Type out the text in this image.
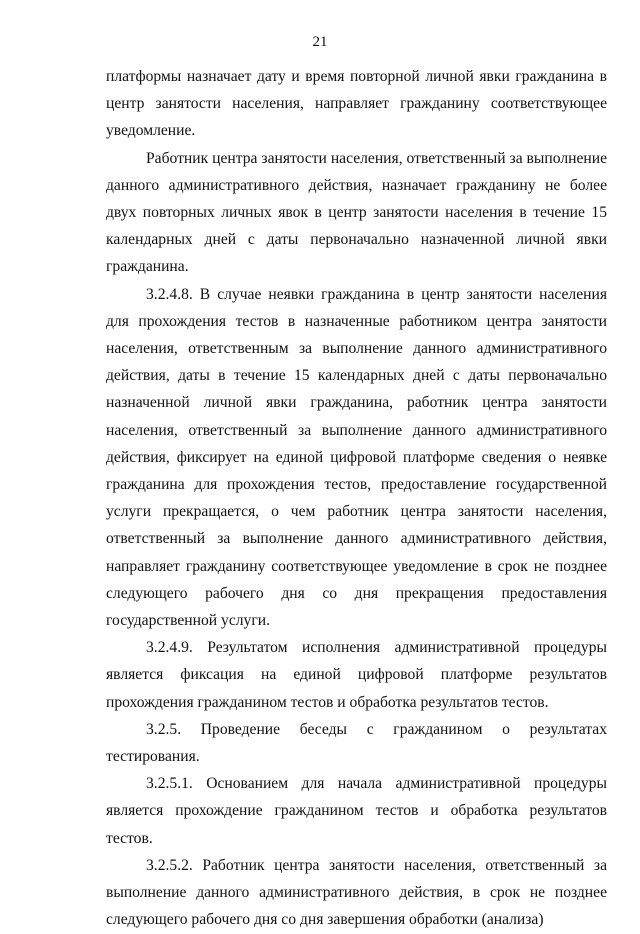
21

платформы назначает дату и время повторной личной явки гражданина в центр занятости населения, направляет гражданину соответствующее уведомление.

Работник центра занятости населения, ответственный за выполнение данного административного действия, назначает гражданину не более двух повторных личных явок в центр занятости населения в течение 15 календарных дней с даты первоначально назначенной личной явки гражданина.

3.2.4.8. В случае неявки гражданина в центр занятости населения для прохождения тестов в назначенные работником центра занятости населения, ответственным за выполнение данного административного действия, даты в течение 15 календарных дней с даты первоначально назначенной личной явки гражданина, работник центра занятости населения, ответственный за выполнение данного административного действия, фиксирует на единой цифровой платформе сведения о неявке гражданина для прохождения тестов, предоставление государственной услуги прекращается, о чем работник центра занятости населения, ответственный за выполнение данного административного действия, направляет гражданину соответствующее уведомление в срок не позднее следующего рабочего дня со дня прекращения предоставления государственной услуги.

3.2.4.9. Результатом исполнения административной процедуры является фиксация на единой цифровой платформе результатов прохождения гражданином тестов и обработка результатов тестов.

3.2.5. Проведение беседы с гражданином о результатах тестирования.

3.2.5.1. Основанием для начала административной процедуры является прохождение гражданином тестов и обработка результатов тестов.

3.2.5.2. Работник центра занятости населения, ответственный за выполнение данного административного действия, в срок не позднее следующего рабочего дня со дня завершения обработки (анализа)
